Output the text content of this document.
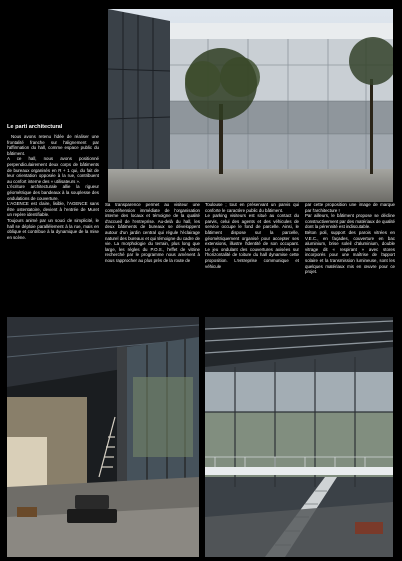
Le parti architectural

Nous avons retenu l'idée de réaliser une frontalité franche sur l'alignement par l'affirmation du hall, comme espace public du bâtiment.

A ce hall, nous avons positionné perpendiculairement deux corps de bâtiments de bureaux organisés en R + 1 qui, du fait de leur orientation opposée à la rue, contribuent au confort interne des « utilisateurs ».

L'écriture architecturale allie la rigueur géométrique des bandeaux à la souplesse des ondulations de couverture.

L'AGENCE est claire, lisible, l'AGENCE sans être ostentatoire, devient à l'entrée de Muret un repère identifiable.

Toujours animé par un souci de simplicité, le hall se déploie parallèlement à la rue, mais en oblique et contribue à la dynamique de la mise en scène.

Sa transparence permet au visiteur une compréhension immédiate de l'organisation interne des locaux et témoigne de la qualité d'accueil de l'entreprise. Au-delà du hall, les deux bâtiments de bureaux se développent autour d'un jardin central qui régule l'éclairage naturel des bureaux et qui témoigne du cadre de vie. La morphologie du terrain, plus long que large, les règles du P.O.S., l'effet de vitrine recherché par le programme nous amènent à nous rapprocher au plus près de la route de

Toulouse ; tout en préservant un parvis qui conforte le caractère public du bâtiment.

Le parking visiteurs est situé au contact du parvis, celui des agents et des véhicules de service occupe le fond de parcelle. Ainsi, le bâtiment dispose sur la parcelle, géométriquement organisé pour accepter ses extensions, illustre l'identité de son occupant. Le jeu ondulant des couvertures axisées sur l'horizontalité de toiture du hall dynamise cette proposition. L'entreprise communique et véhicule

par cette proposition une image de marque par l'architecture !

Par ailleurs, le bâtiment propose se décline constructivement par des matériaux de qualité dont la pérennité est indiscutable.

Béton poli, support des parois vitrées en V.E.C., en façades, couverture en bac aluminium, brise soleil d'aluminium, double vitrage dit « respirant » avec stores incorporés pour une maîtrise de l'apport solaire et la transmission lumineuse, sont les quelques matériaux mis en œuvre pour ce projet.
